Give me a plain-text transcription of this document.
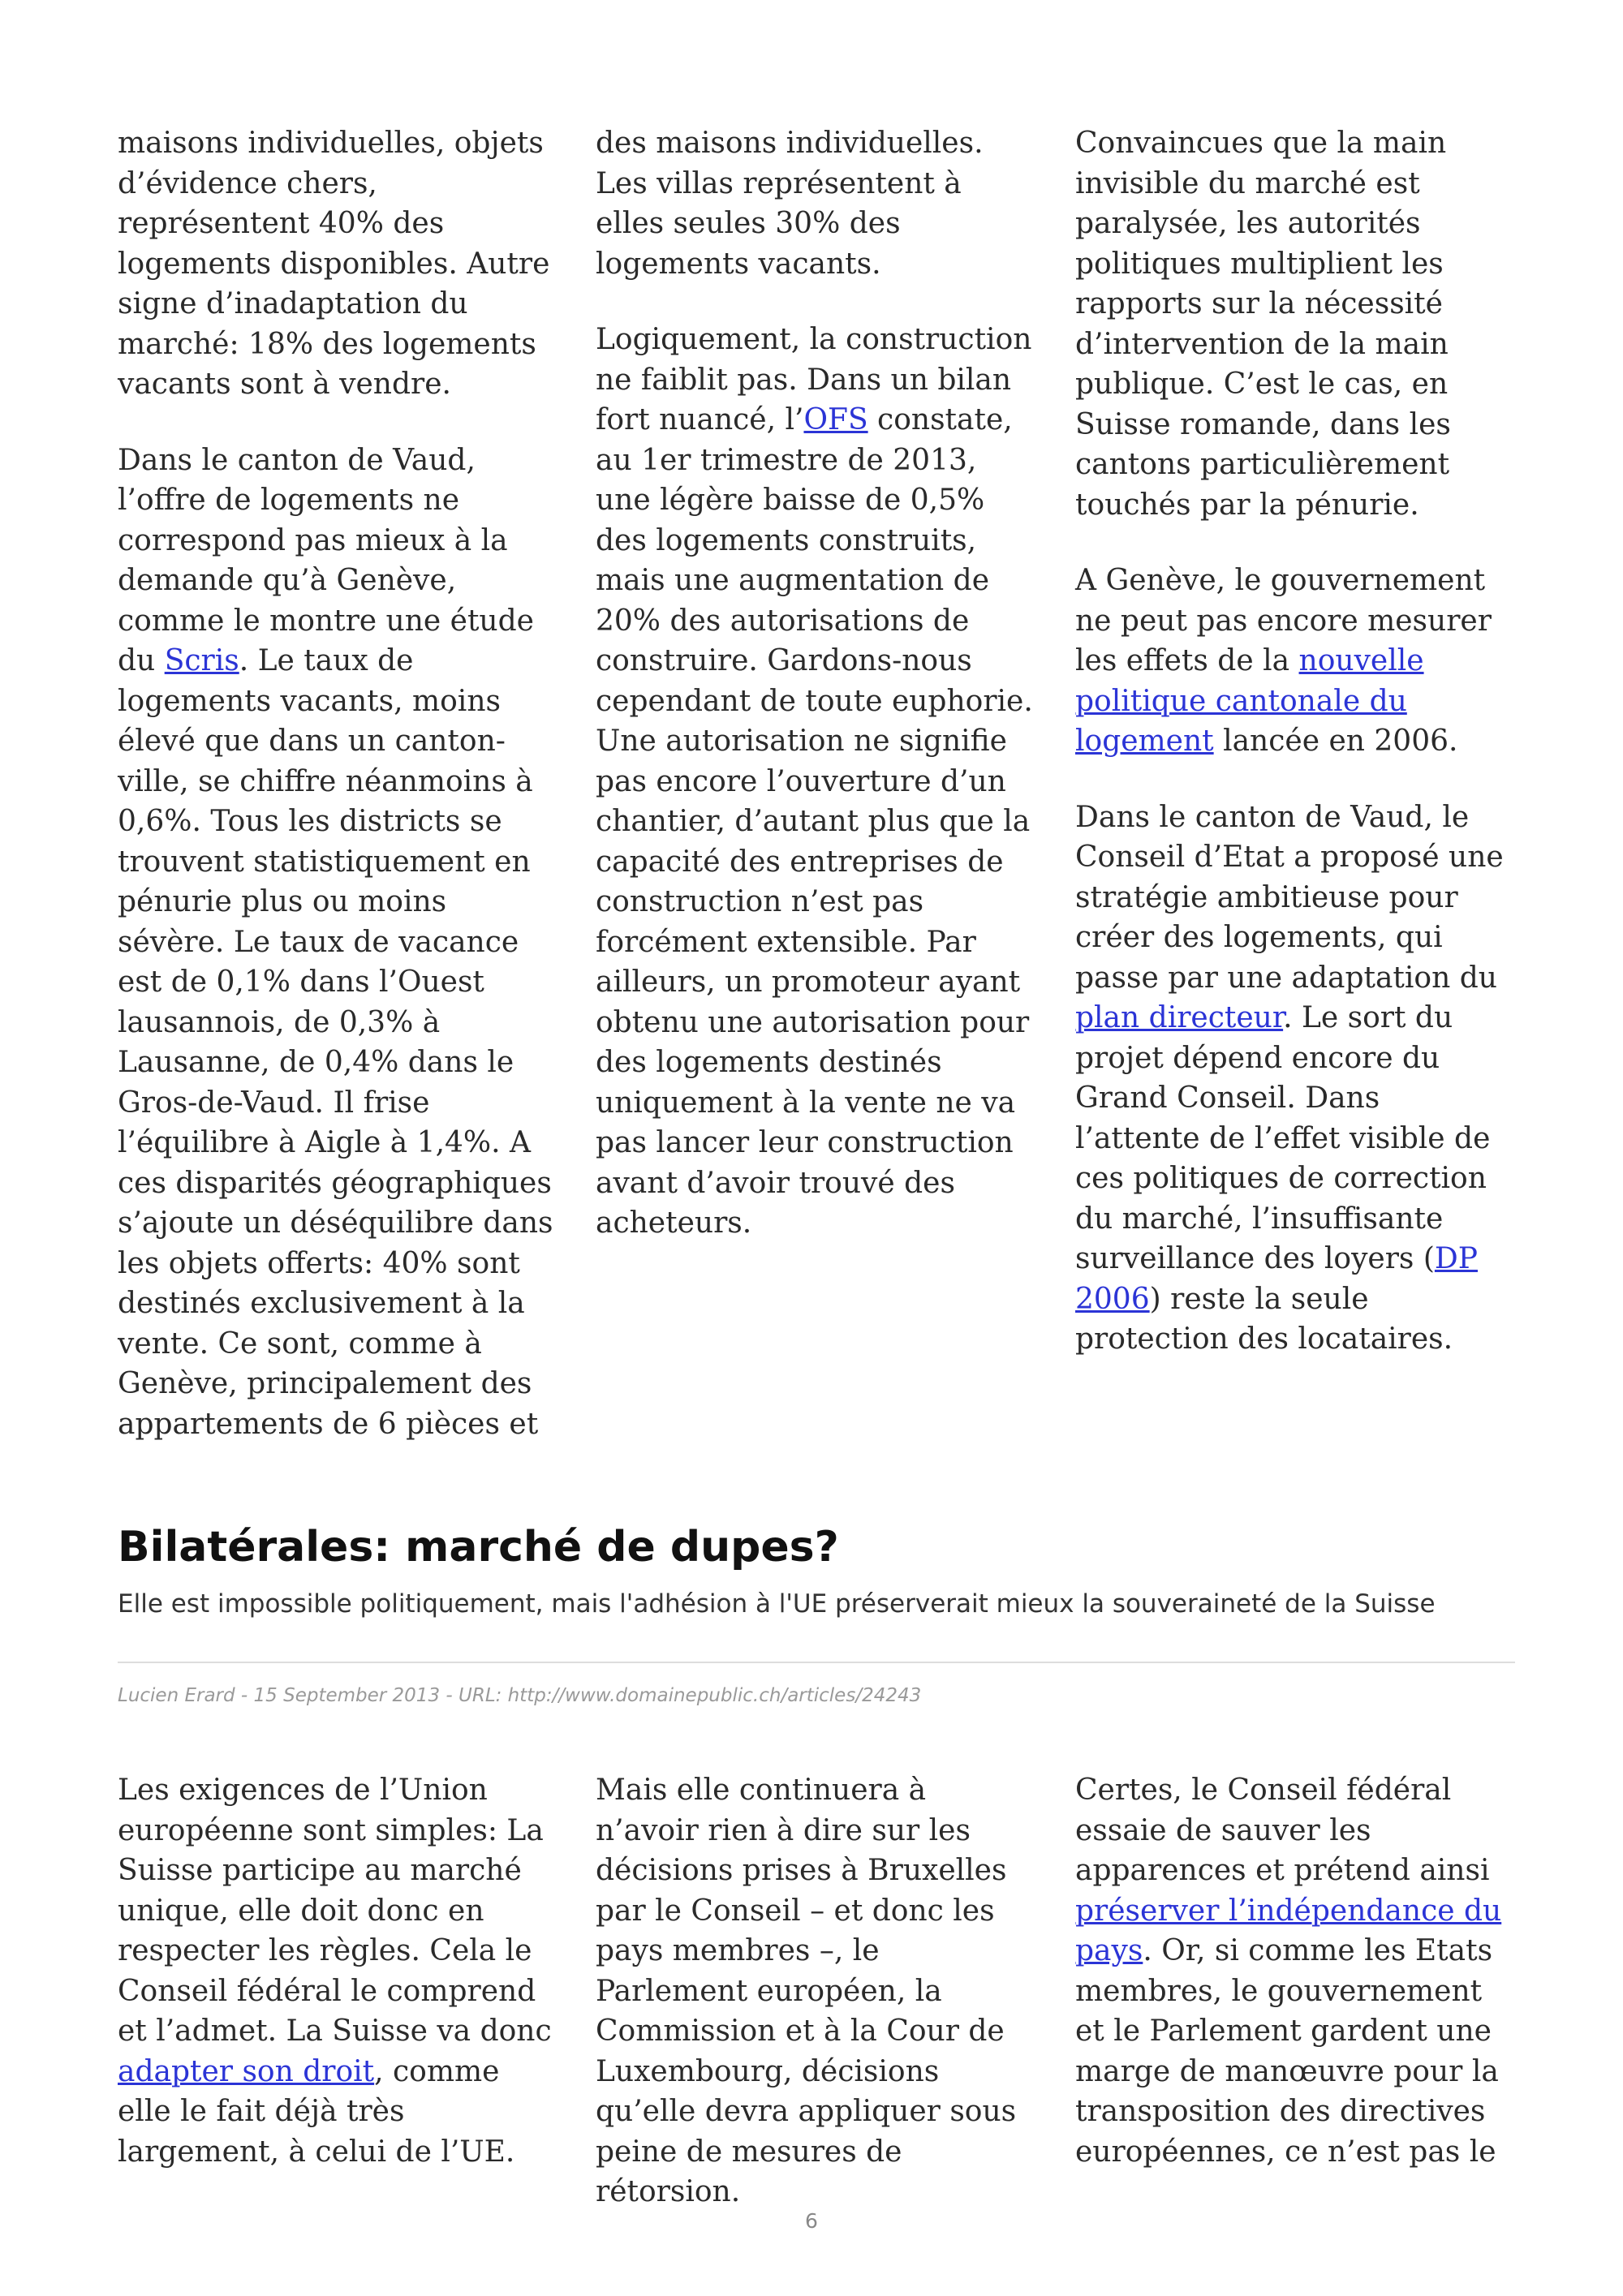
maisons individuelles, objets d’évidence chers, représentent 40% des logements disponibles. Autre signe d’inadaptation du marché: 18% des logements vacants sont à vendre.

Dans le canton de Vaud, l’offre de logements ne correspond pas mieux à la demande qu’à Genève, comme le montre une étude du Scris. Le taux de logements vacants, moins élevé que dans un canton-ville, se chiffre néanmoins à 0,6%. Tous les districts se trouvent statistiquement en pénurie plus ou moins sévère. Le taux de vacance est de 0,1% dans l’Ouest lausannois, de 0,3% à Lausanne, de 0,4% dans le Gros-de-Vaud. Il frise l’équilibre à Aigle à 1,4%. A ces disparités géographiques s’ajoute un déséquilibre dans les objets offerts: 40% sont destinés exclusivement à la vente. Ce sont, comme à Genève, principalement des appartements de 6 pièces et

des maisons individuelles. Les villas représentent à elles seules 30% des logements vacants.

Logiquement, la construction ne faiblit pas. Dans un bilan fort nuancé, l’OFS constate, au 1er trimestre de 2013, une légère baisse de 0,5% des logements construits, mais une augmentation de 20% des autorisations de construire. Gardons-nous cependant de toute euphorie. Une autorisation ne signifie pas encore l’ouverture d’un chantier, d’autant plus que la capacité des entreprises de construction n’est pas forcément extensible. Par ailleurs, un promoteur ayant obtenu une autorisation pour des logements destinés uniquement à la vente ne va pas lancer leur construction avant d’avoir trouvé des acheteurs.

Convaincues que la main invisible du marché est paralysée, les autorités politiques multiplient les rapports sur la nécessité d’intervention de la main publique. C’est le cas, en Suisse romande, dans les cantons particulièrement touchés par la pénurie.

A Genève, le gouvernement ne peut pas encore mesurer les effets de la nouvelle politique cantonale du logement lancée en 2006.

Dans le canton de Vaud, le Conseil d’Etat a proposé une stratégie ambitieuse pour créer des logements, qui passe par une adaptation du plan directeur. Le sort du projet dépend encore du Grand Conseil. Dans l’attente de l’effet visible de ces politiques de correction du marché, l’insuffisante surveillance des loyers (DP 2006) reste la seule protection des locataires.

Bilatérales: marché de dupes?
Elle est impossible politiquement, mais l'adhésion à l'UE préserverait mieux la souveraineté de la Suisse
Lucien Erard - 15 September 2013 - URL: http://www.domainepublic.ch/articles/24243

Les exigences de l’Union européenne sont simples: La Suisse participe au marché unique, elle doit donc en respecter les règles. Cela le Conseil fédéral le comprend et l’admet. La Suisse va donc adapter son droit, comme elle le fait déjà très largement, à celui de l’UE.

Mais elle continuera à n’avoir rien à dire sur les décisions prises à Bruxelles par le Conseil – et donc les pays membres –, le Parlement européen, la Commission et à la Cour de Luxembourg, décisions qu’elle devra appliquer sous peine de mesures de rétorsion.

Certes, le Conseil fédéral essaie de sauver les apparences et prétend ainsi préserver l’indépendance du pays. Or, si comme les Etats membres, le gouvernement et le Parlement gardent une marge de manœuvre pour la transposition des directives européennes, ce n’est pas le

6
